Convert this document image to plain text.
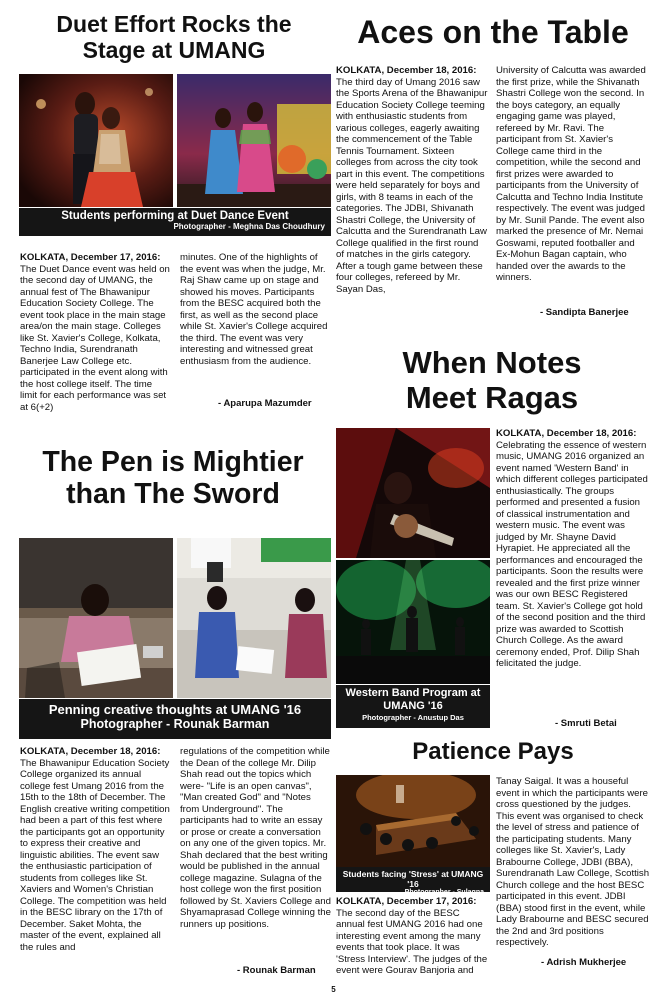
Duet Effort Rocks the
Stage at UMANG
Students performing at Duet Dance Event
Photographer - Meghna Das Choudhury
KOLKATA, December 17, 2016: The Duet Dance event was held on the second day of UMANG, the annual fest of The Bhawanipur Education Society College. The event took place in the main stage area/on the main stage. Colleges like St. Xavier's College, Kolkata, Techno India, Surendranath Banerjee Law College etc. participated in the event along with the host college itself. The time limit for each performance was set at 6(+2)
minutes. One of the highlights of the event was when the judge, Mr. Raj Shaw came up on stage and showed his moves. Participants from the BESC acquired both the first, as well as the second place while St. Xavier's College acquired the third. The event was very interesting and witnessed great enthusiasm from the audience.
- Aparupa Mazumder
Aces on the Table
KOLKATA, December 18, 2016: The third day of Umang 2016 saw the Sports Arena of the Bhawanipur Education Society College teeming with enthusiastic students from various colleges, eagerly awaiting the commencement of the Table Tennis Tournament. Sixteen colleges from across the city took part in this event. The competitions were held separately for boys and girls, with 8 teams in each of the categories. The JDBI, Shivanath Shastri College, the University of Calcutta and the Surendranath Law College qualified in the first round of matches in the girls category. After a tough game between these four colleges, refereed by Mr. Sayan Das,
University of Calcutta was awarded the first prize, while the Shivanath Shastri College won the second. In the boys category, an equally engaging game was played, refereed by Mr. Ravi. The participant from St. Xavier's College came third in the competition, while the second and first prizes were awarded to participants from the University of Calcutta and Techno India Institute respectively. The event was judged by Mr. Sunil Pande. The event also marked the presence of Mr. Nemai Goswami, reputed footballer and Ex-Mohun Bagan captain, who handed over the awards to the winners.
- Sandipta Banerjee
When Notes
Meet Ragas
Western Band Program at UMANG '16
Photographer - Anustup Das
KOLKATA, December 18, 2016: Celebrating the essence of western music, UMANG 2016 organized an event named 'Western Band' in which different colleges participated enthusiastically. The groups performed and presented a fusion of classical instrumentation and western music. The event was judged by Mr. Shayne David Hyrapiet. He appreciated all the performances and encouraged the participants. Soon the results were revealed and the first prize winner was our own BESC Registered team. St. Xavier's College got hold of the second position and the third prize was awarded to Scottish Church College. As the award ceremony ended, Prof. Dilip Shah felicitated the judge.
- Smruti Betai
The Pen is Mightier
than The Sword
Penning creative thoughts at UMANG '16
Photographer - Rounak Barman
KOLKATA, December 18, 2016: The Bhawanipur Education Society College organized its annual college fest Umang 2016 from the 15th to the 18th of December. The English creative writing competition had been a part of this fest where the participants got an opportunity to express their creative and linguistic abilities. The event saw the enthusiastic participation of students from colleges like St. Xaviers and Women's Christian College. The competition was held in the BESC library on the 17th of December. Saket Mohta, the master of the event, explained all the rules and
regulations of the competition while the Dean of the college Mr. Dilip Shah read out the topics which were- "Life is an open canvas", "Man created God" and "Notes from Underground". The participants had to write an essay or prose or create a conversation on any one of the given topics. Mr. Shah declared that the best writing would be published in the annual college magazine. Sulagna of the host college won the first position followed by St. Xaviers College and Shyamaprasad College winning the runners up positions.
- Rounak Barman
Patience Pays
Students facing 'Stress' at UMANG '16
Photographer - Sulagna
KOLKATA, December 17, 2016: The second day of the BESC annual fest UMANG 2016 had one interesting event among the many events that took place. It was 'Stress Interview'. The judges of the event were Gourav Banjoria and
Tanay Saigal. It was a houseful event in which the participants were cross questioned by the judges. This event was organised to check the level of stress and patience of the participating students. Many colleges like St. Xavier's, Lady Brabourne College, JDBI (BBA), Surendranath Law College, Scottish Church college and the host BESC participated in this event. JDBI (BBA) stood first in the event, while Lady Brabourne and BESC secured the 2nd and 3rd positions respectively.
- Adrish Mukherjee
5
